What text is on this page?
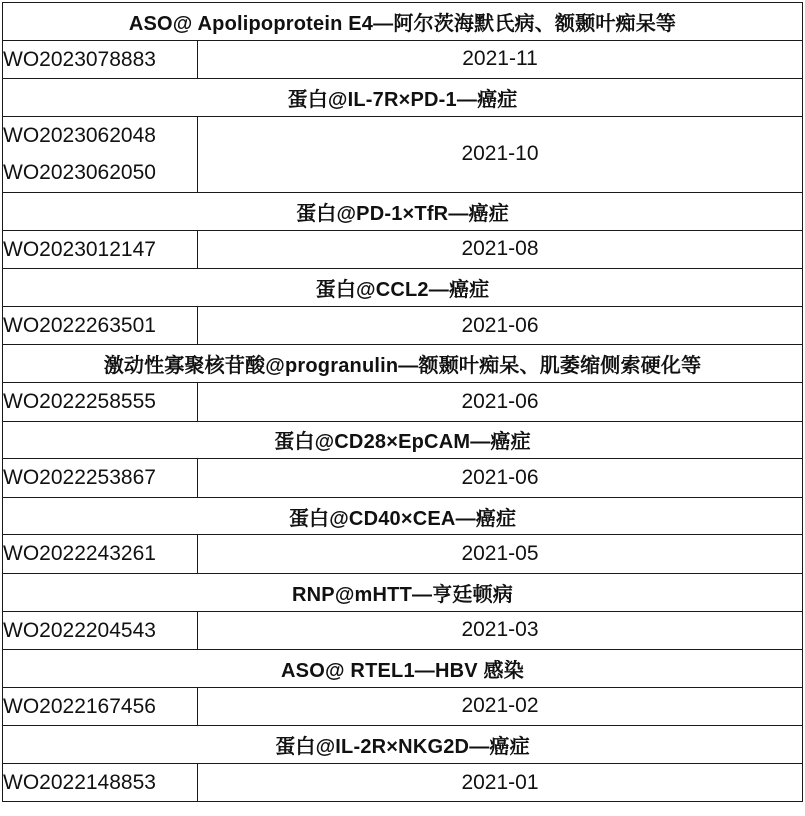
ASO@ Apolipoprotein E4—阿尔茨海默氏病、额颞叶痴呆等	

WO2023078883	2021-11
蛋白@IL-7R×PD-1—癌症	

WO2023062048
WO2023062050	2021-10
蛋白@PD-1×TfR—癌症	

WO2023012147	2021-08
蛋白@CCL2—癌症	

WO2022263501	2021-06
激动性寡聚核苷酸@progranulin—额颞叶痴呆、肌萎缩侧索硬化等	

WO2022258555	2021-06
蛋白@CD28×EpCAM—癌症	

WO2022253867	2021-06
蛋白@CD40×CEA—癌症	

WO2022243261	2021-05
RNP@mHTT—亨廷顿病	

WO2022204543	2021-03
ASO@ RTEL1—HBV 感染	

WO2022167456	2021-02
蛋白@IL-2R×NKG2D—癌症	

WO2022148853	2021-01
